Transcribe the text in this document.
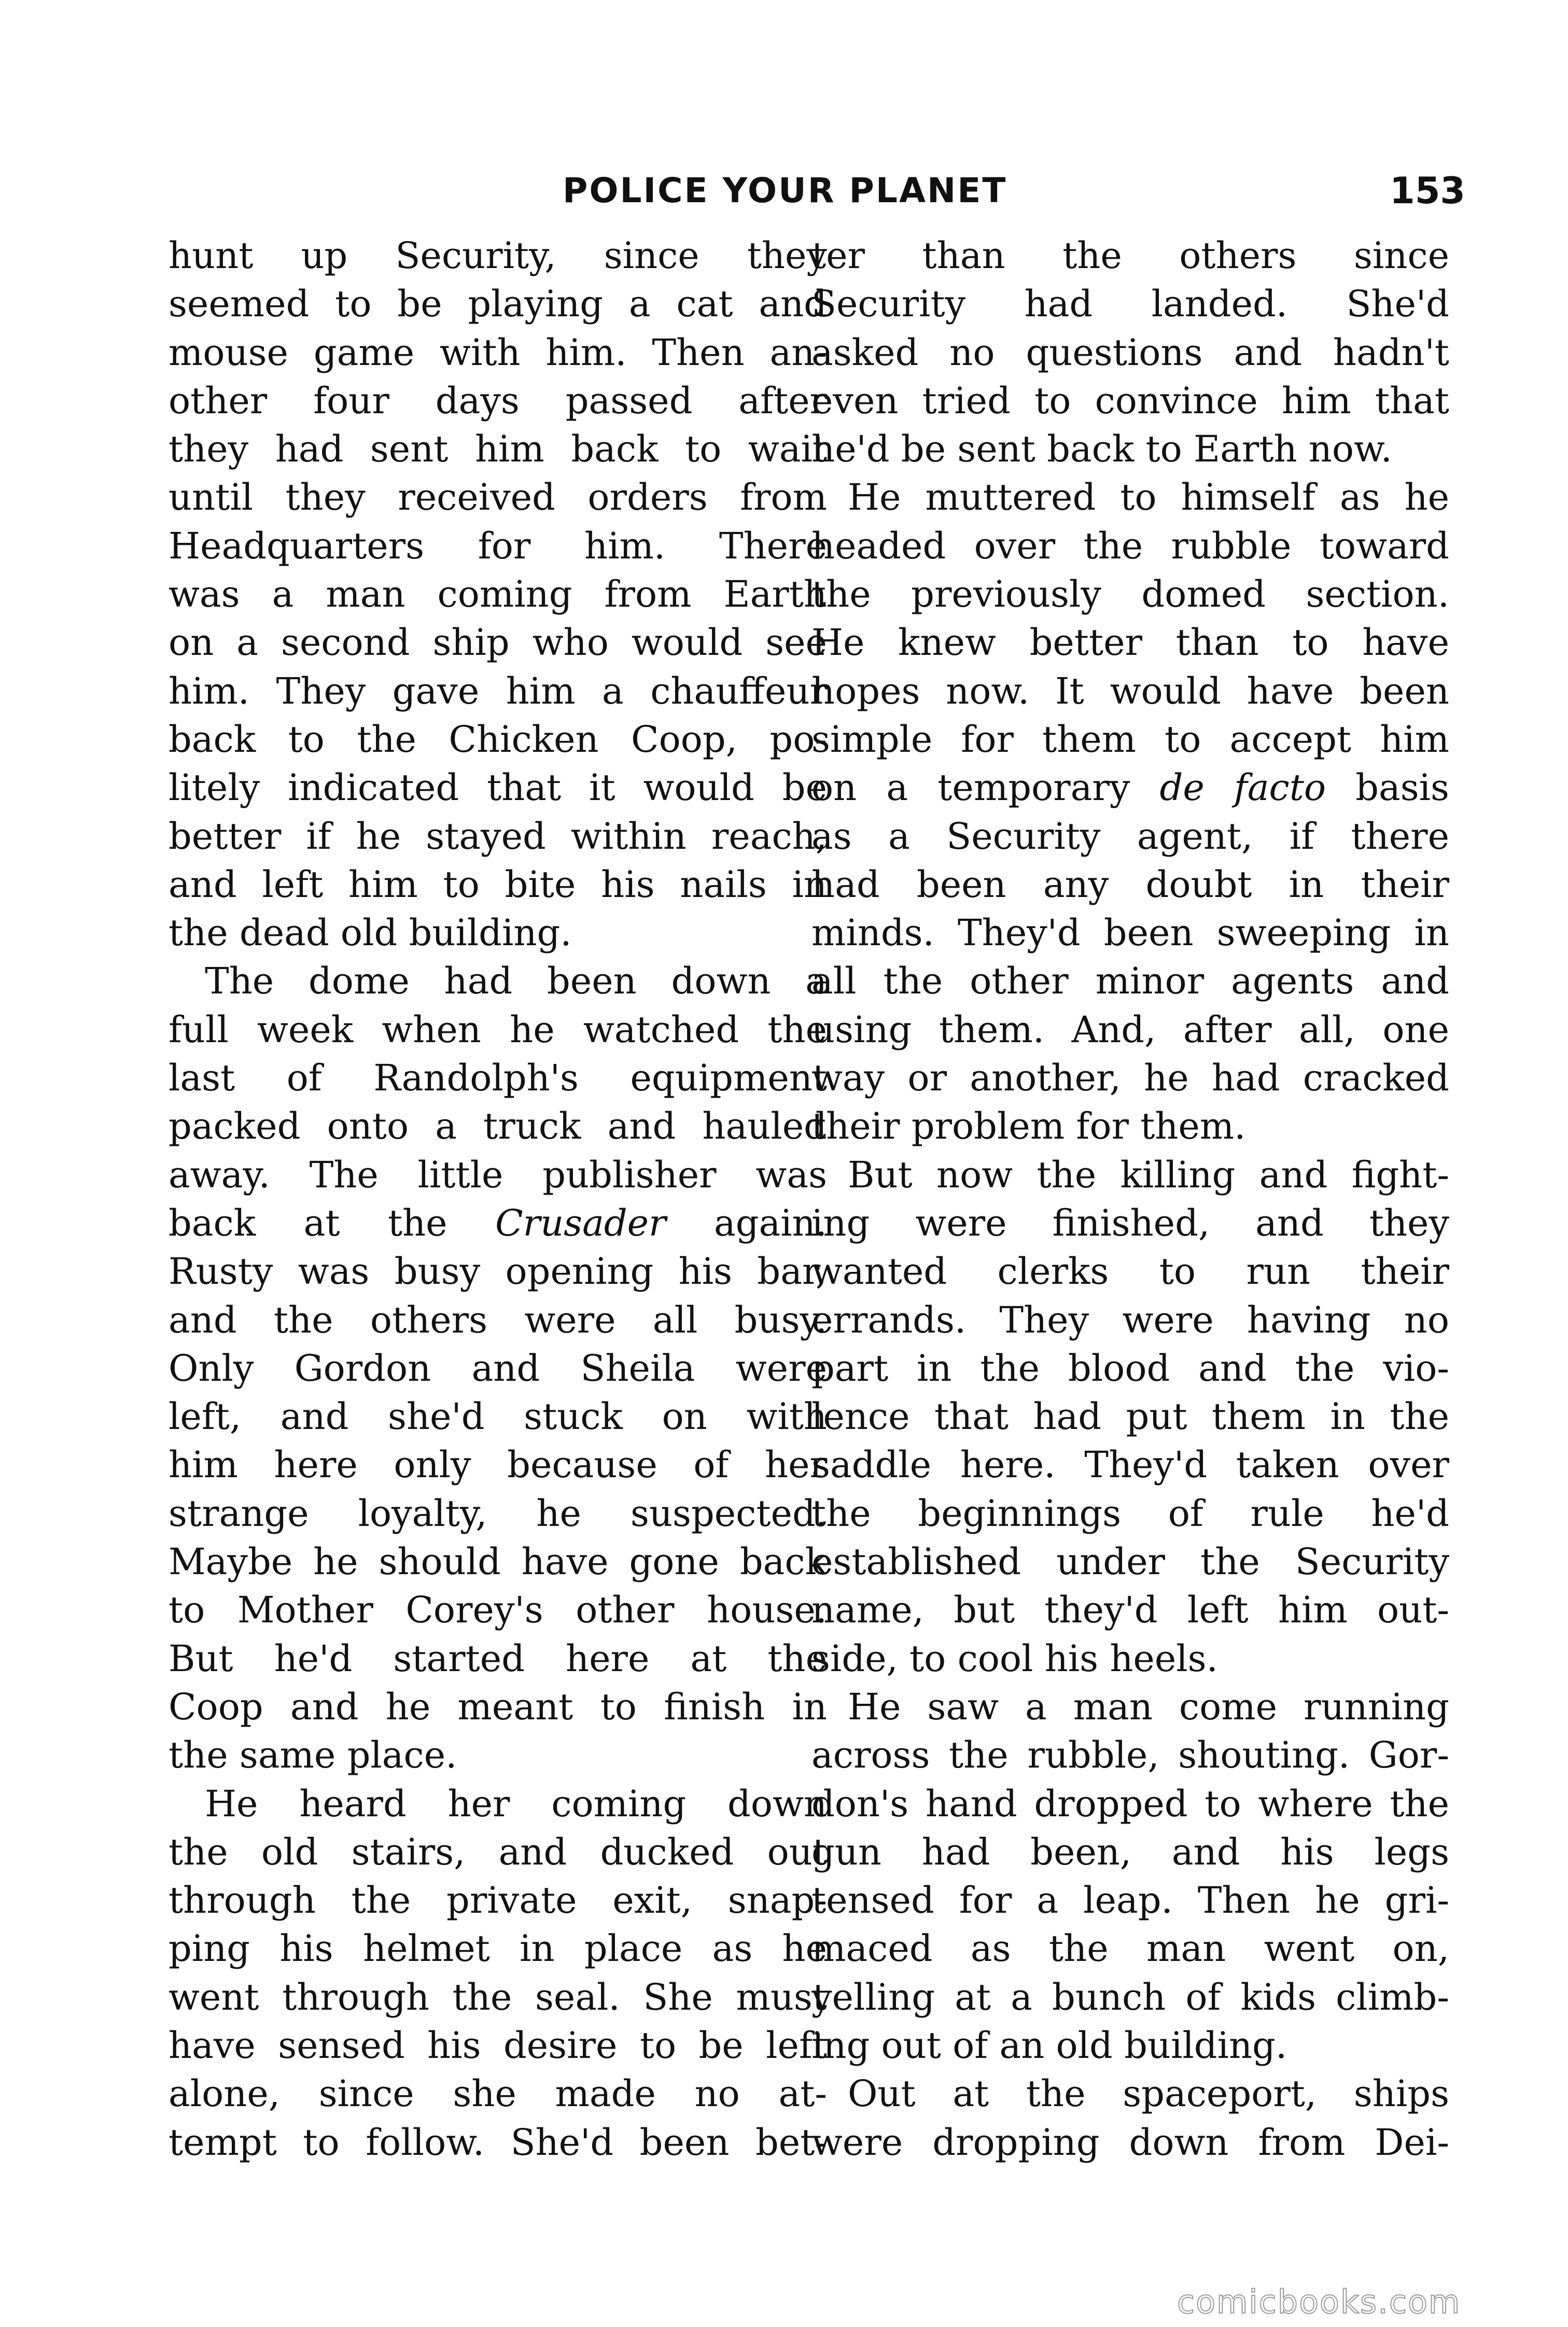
POLICE YOUR PLANET	153
hunt up Security, since they
seemed to be playing a cat and
mouse game with him. Then an-
other four days passed after
they had sent him back to wait
until they received orders from
Headquarters for him. There
was a man coming from Earth
on a second ship who would see
him. They gave him a chauffeur
back to the Chicken Coop, po-
litely indicated that it would be
better if he stayed within reach,
and left him to bite his nails in
the dead old building.
The dome had been down a
full week when he watched the
last of Randolph's equipment
packed onto a truck and hauled
away. The little publisher was
back at the Crusader again.
Rusty was busy opening his bar,
and the others were all busy.
Only Gordon and Sheila were
left, and she'd stuck on with
him here only because of her
strange loyalty, he suspected.
Maybe he should have gone back
to Mother Corey's other house.
But he'd started here at the
Coop and he meant to finish in
the same place.
He heard her coming down
the old stairs, and ducked out
through the private exit, snap-
ping his helmet in place as he
went through the seal. She must
have sensed his desire to be left
alone, since she made no at-
tempt to follow. She'd been bet-
ter than the others since
Security had landed. She'd
asked no questions and hadn't
even tried to convince him that
he'd be sent back to Earth now.
He muttered to himself as he
headed over the rubble toward
the previously domed section.
He knew better than to have
hopes now. It would have been
simple for them to accept him
on a temporary de facto basis
as a Security agent, if there
had been any doubt in their
minds. They'd been sweeping in
all the other minor agents and
using them. And, after all, one
way or another, he had cracked
their problem for them.
But now the killing and fight-
ing were finished, and they
wanted clerks to run their
errands. They were having no
part in the blood and the vio-
lence that had put them in the
saddle here. They'd taken over
the beginnings of rule he'd
established under the Security
name, but they'd left him out-
side, to cool his heels.
He saw a man come running
across the rubble, shouting. Gor-
don's hand dropped to where the
gun had been, and his legs
tensed for a leap. Then he gri-
maced as the man went on,
yelling at a bunch of kids climb-
ing out of an old building.
Out at the spaceport, ships
were dropping down from Dei-
comicbooks.com
